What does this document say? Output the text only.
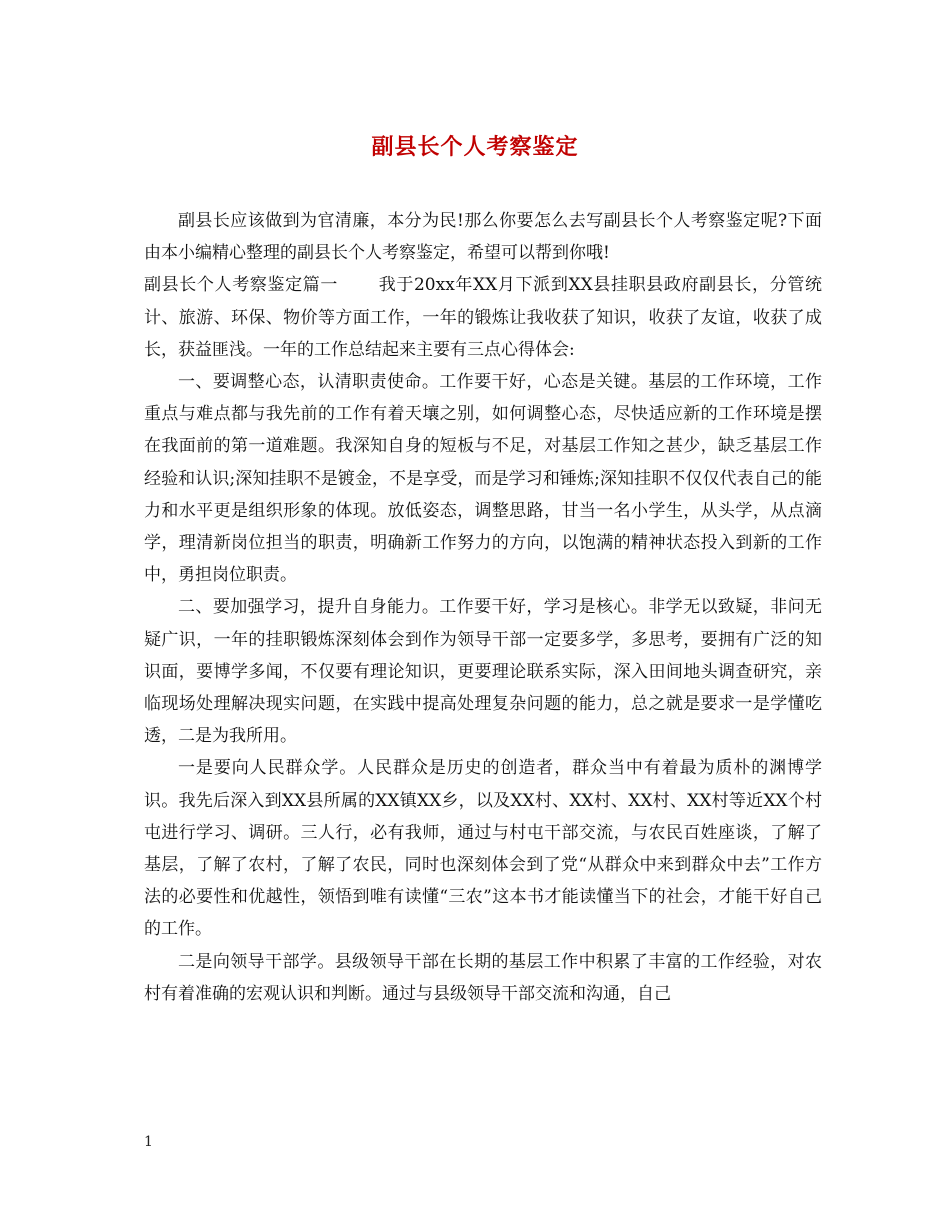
副县长个人考察鉴定

副县长应该做到为官清廉，本分为民!那么你要怎么去写副县长个人考察鉴定呢?下面由本小编精心整理的副县长个人考察鉴定，希望可以帮到你哦!

副县长个人考察鉴定篇一 我于20xx年XX月下派到XX县挂职县政府副县长，分管统计、旅游、环保、物价等方面工作，一年的锻炼让我收获了知识，收获了友谊，收获了成长，获益匪浅。一年的工作总结起来主要有三点心得体会:

一、要调整心态，认清职责使命。工作要干好，心态是关键。基层的工作环境，工作重点与难点都与我先前的工作有着天壤之别，如何调整心态，尽快适应新的工作环境是摆在我面前的第一道难题。我深知自身的短板与不足，对基层工作知之甚少，缺乏基层工作经验和认识;深知挂职不是镀金，不是享受，而是学习和锤炼;深知挂职不仅仅代表自己的能力和水平更是组织形象的体现。放低姿态，调整思路，甘当一名小学生，从头学，从点滴学，理清新岗位担当的职责，明确新工作努力的方向，以饱满的精神状态投入到新的工作中，勇担岗位职责。

二、要加强学习，提升自身能力。工作要干好，学习是核心。非学无以致疑，非问无疑广识，一年的挂职锻炼深刻体会到作为领导干部一定要多学，多思考，要拥有广泛的知识面，要博学多闻，不仅要有理论知识，更要理论联系实际，深入田间地头调查研究，亲临现场处理解决现实问题，在实践中提高处理复杂问题的能力，总之就是要求一是学懂吃透，二是为我所用。

一是要向人民群众学。人民群众是历史的创造者，群众当中有着最为质朴的渊博学识。我先后深入到XX县所属的XX镇XX乡，以及XX村、XX村、XX村、XX村等近XX个村屯进行学习、调研。三人行，必有我师，通过与村屯干部交流，与农民百姓座谈，了解了基层，了解了农村，了解了农民，同时也深刻体会到了党“从群众中来到群众中去”工作方法的必要性和优越性，领悟到唯有读懂“三农”这本书才能读懂当下的社会，才能干好自己的工作。

二是向领导干部学。县级领导干部在长期的基层工作中积累了丰富的工作经验，对农村有着准确的宏观认识和判断。通过与县级领导干部交流和沟通，自己

1
